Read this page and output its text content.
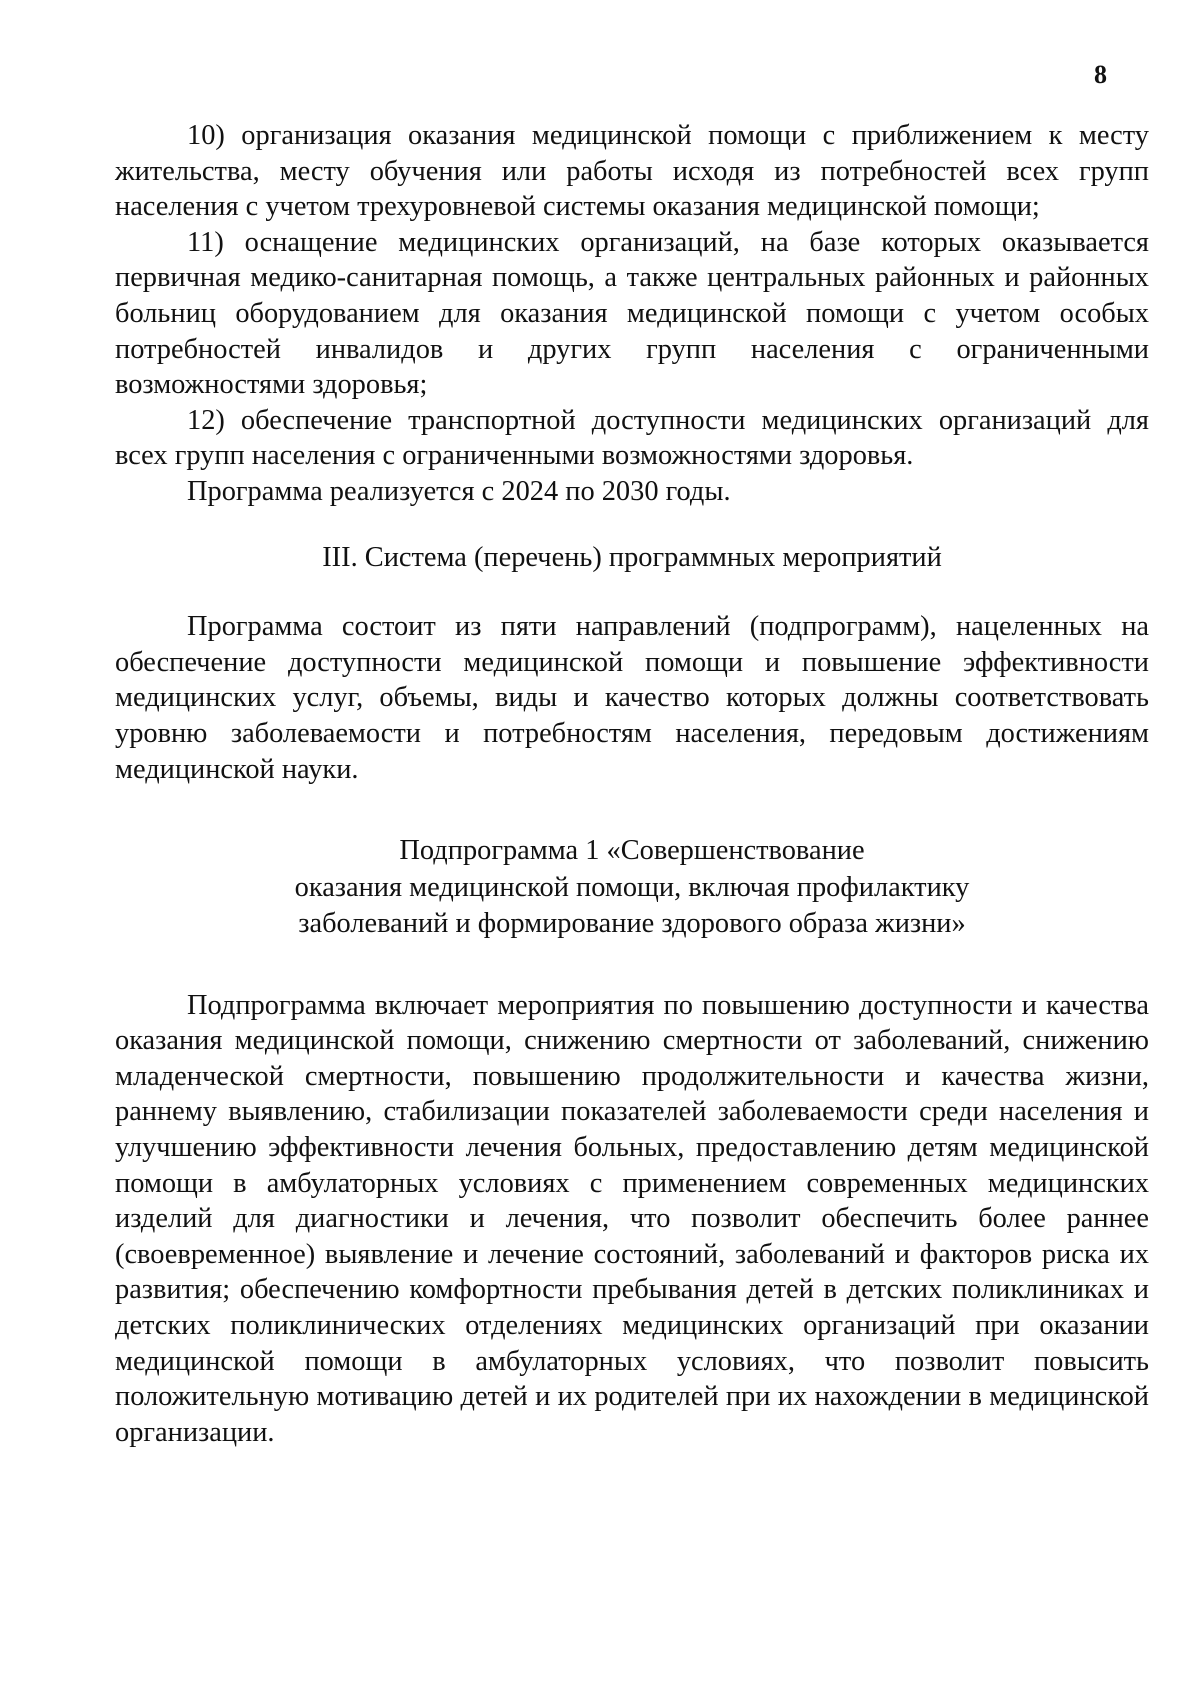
8

10) организация оказания медицинской помощи с приближением к месту жительства, месту обучения или работы исходя из потребностей всех групп населения с учетом трехуровневой системы оказания медицинской помощи;

11) оснащение медицинских организаций, на базе которых оказывается первичная медико-санитарная помощь, а также центральных районных и районных больниц оборудованием для оказания медицинской помощи с учетом особых потребностей инвалидов и других групп населения с ограниченными возможностями здоровья;

12) обеспечение транспортной доступности медицинских организаций для всех групп населения с ограниченными возможностями здоровья.

Программа реализуется с 2024 по 2030 годы.

III. Система (перечень) программных мероприятий

Программа состоит из пяти направлений (подпрограмм), нацеленных на обеспечение доступности медицинской помощи и повышение эффективности медицинских услуг, объемы, виды и качество которых должны соответствовать уровню заболеваемости и потребностям населения, передовым достижениям медицинской науки.

Подпрограмма 1 «Совершенствование
оказания медицинской помощи, включая профилактику
заболеваний и формирование здорового образа жизни»

Подпрограмма включает мероприятия по повышению доступности и качества оказания медицинской помощи, снижению смертности от заболеваний, снижению младенческой смертности, повышению продолжительности и качества жизни, раннему выявлению, стабилизации показателей заболеваемости среди населения и улучшению эффективности лечения больных, предоставлению детям медицинской помощи в амбулаторных условиях с применением современных медицинских изделий для диагностики и лечения, что позволит обеспечить более раннее (своевременное) выявление и лечение состояний, заболеваний и факторов риска их развития; обеспечению комфортности пребывания детей в детских поликлиниках и детских поликлинических отделениях медицинских организаций при оказании медицинской помощи в амбулаторных условиях, что позволит повысить положительную мотивацию детей и их родителей при их нахождении в медицинской организации.
